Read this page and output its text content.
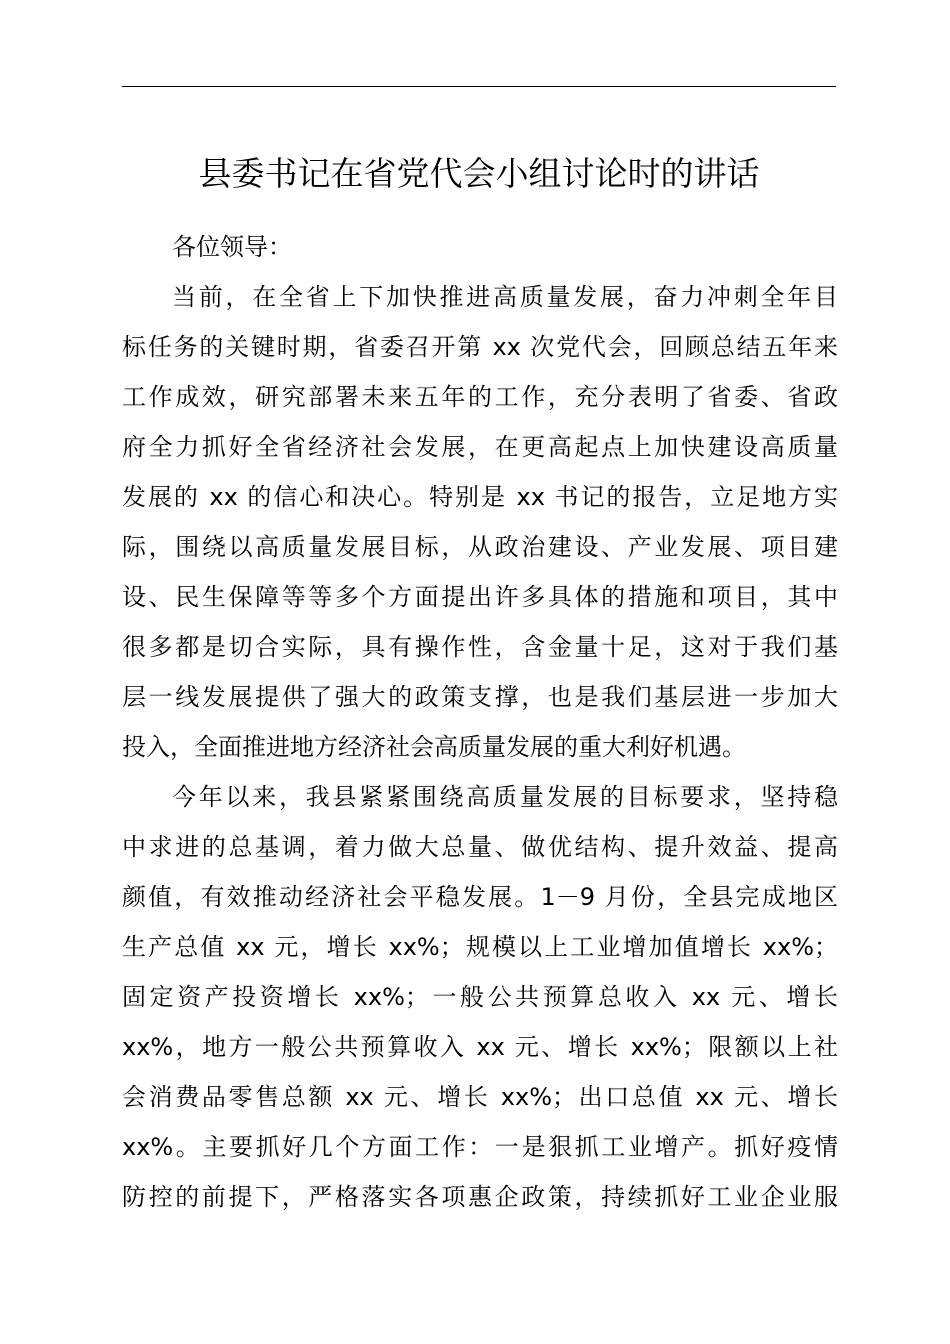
县委书记在省党代会小组讨论时的讲话
各位领导：
当前，在全省上下加快推进高质量发展，奋力冲刺全年目
标任务的关键时期，省委召开第 xx 次党代会，回顾总结五年来
工作成效，研究部署未来五年的工作，充分表明了省委、省政
府全力抓好全省经济社会发展，在更高起点上加快建设高质量
发展的 xx 的信心和决心。特别是 xx 书记的报告，立足地方实
际，围绕以高质量发展目标，从政治建设、产业发展、项目建
设、民生保障等等多个方面提出许多具体的措施和项目，其中
很多都是切合实际，具有操作性，含金量十足，这对于我们基
层一线发展提供了强大的政策支撑，也是我们基层进一步加大
投入，全面推进地方经济社会高质量发展的重大利好机遇。
今年以来，我县紧紧围绕高质量发展的目标要求，坚持稳
中求进的总基调，着力做大总量、做优结构、提升效益、提高
颜值，有效推动经济社会平稳发展。1－9 月份，全县完成地区
生产总值 xx 元，增长 xx%；规模以上工业增加值增长 xx%；
固定资产投资增长 xx%；一般公共预算总收入 xx 元、增长
xx%，地方一般公共预算收入 xx 元、增长 xx%；限额以上社
会消费品零售总额 xx 元、增长 xx%；出口总值 xx 元、增长
xx%。主要抓好几个方面工作：一是狠抓工业增产。抓好疫情
防控的前提下，严格落实各项惠企政策，持续抓好工业企业服
